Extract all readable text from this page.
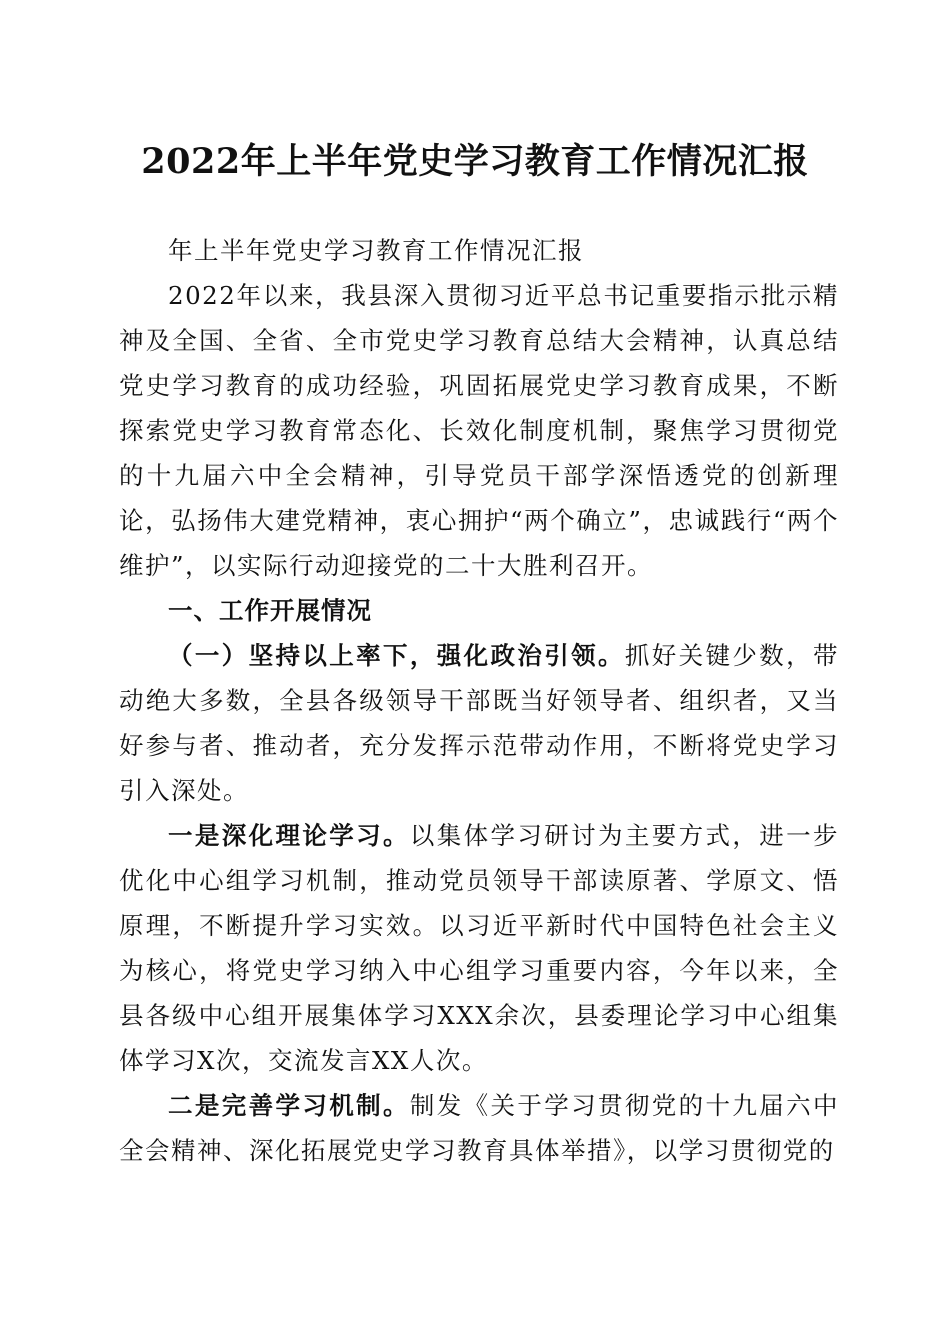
2022年上半年党史学习教育工作情况汇报

年上半年党史学习教育工作情况汇报

2022年以来，我县深入贯彻习近平总书记重要指示批示精神及全国、全省、全市党史学习教育总结大会精神，认真总结党史学习教育的成功经验，巩固拓展党史学习教育成果，不断探索党史学习教育常态化、长效化制度机制，聚焦学习贯彻党的十九届六中全会精神，引导党员干部学深悟透党的创新理论，弘扬伟大建党精神，衷心拥护“两个确立”，忠诚践行“两个维护”，以实际行动迎接党的二十大胜利召开。

一、工作开展情况

（一）坚持以上率下，强化政治引领。抓好关键少数，带动绝大多数，全县各级领导干部既当好领导者、组织者，又当好参与者、推动者，充分发挥示范带动作用，不断将党史学习引入深处。

一是深化理论学习。以集体学习研讨为主要方式，进一步优化中心组学习机制，推动党员领导干部读原著、学原文、悟原理，不断提升学习实效。以习近平新时代中国特色社会主义为核心，将党史学习纳入中心组学习重要内容，今年以来，全县各级中心组开展集体学习XXX余次，县委理论学习中心组集体学习X次，交流发言XX人次。

二是完善学习机制。制发《关于学习贯彻党的十九届六中全会精神、深化拓展党史学习教育具体举措》，以学习贯彻党的
